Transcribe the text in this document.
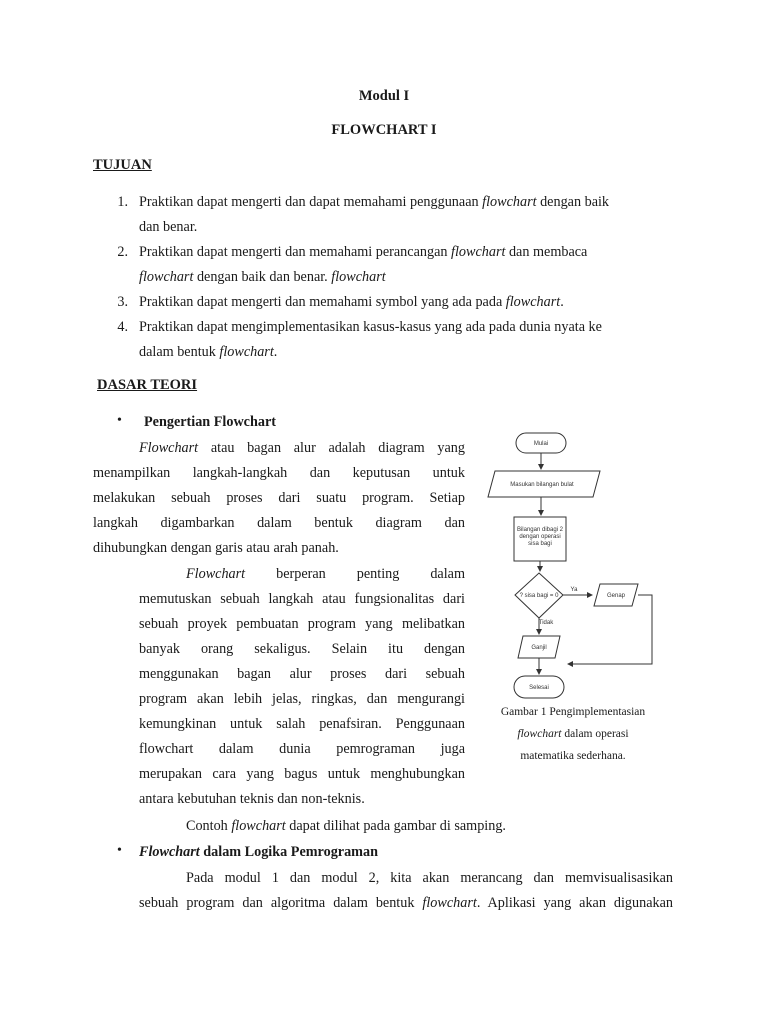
Modul I
FLOWCHART I
TUJUAN
1. Praktikan dapat mengerti dan dapat memahami penggunaan flowchart dengan baik
dan benar.
2. Praktikan dapat mengerti dan memahami perancangan flowchart dan membaca
flowchart dengan baik dan benar. flowchart
3. Praktikan dapat mengerti dan memahami symbol yang ada pada flowchart.
4. Praktikan dapat mengimplementasikan kasus-kasus yang ada pada dunia nyata ke
dalam bentuk flowchart.
DASAR TEORI
• Pengertian Flowchart
Flowchart atau bagan alur adalah diagram yang
menampilkan langkah-langkah dan keputusan untuk
melakukan sebuah proses dari suatu program. Setiap
langkah digambarkan dalam bentuk diagram dan
dihubungkan dengan garis atau arah panah.
Flowchart berperan penting dalam
memutuskan sebuah langkah atau fungsionalitas dari
sebuah proyek pembuatan program yang melibatkan
banyak orang sekaligus. Selain itu dengan
menggunakan bagan alur proses dari sebuah
program akan lebih jelas, ringkas, dan mengurangi
kemungkinan untuk salah penafsiran. Penggunaan
flowchart dalam dunia pemrograman juga
merupakan cara yang bagus untuk menghubungkan
antara kebutuhan teknis dan non-teknis.
Contoh flowchart dapat dilihat pada gambar di samping.
• Flowchart dalam Logika Pemrograman
Pada modul 1 dan modul 2, kita akan merancang dan memvisualisasikan
sebuah program dan algoritma dalam bentuk flowchart. Aplikasi yang akan digunakan
Mulai
Masukan bilangan bulat
Bilangan dibagi 2
dengan operasi
sisa bagi
? sisa bagi = 0
Ya
Genap
Tidak
Ganjil
Selesai
Gambar 1 Pengimplementasian
flowchart dalam operasi
matematika sederhana.
